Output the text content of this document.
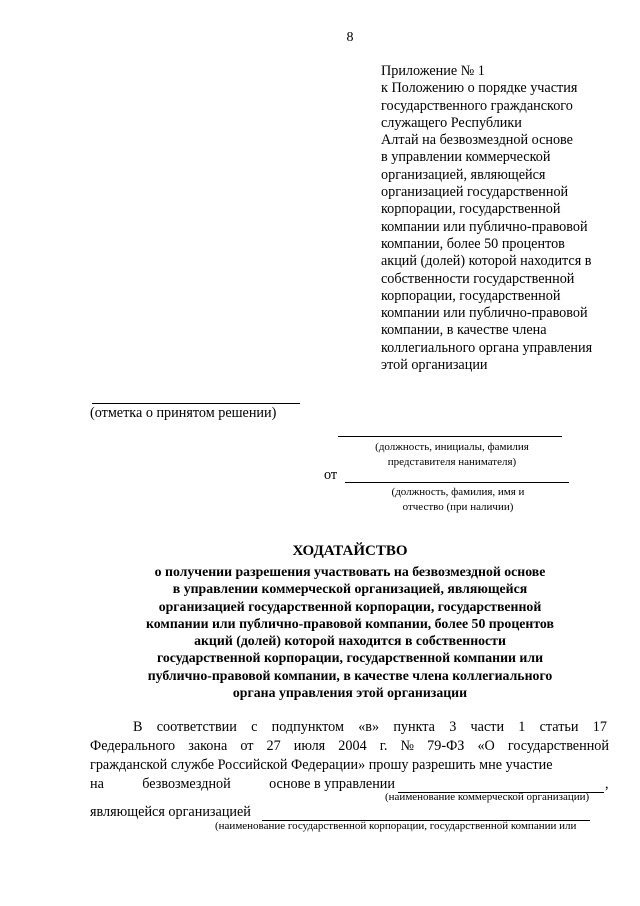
8
Приложение № 1
к Положению о порядке участия
государственного гражданского
служащего Республики
Алтай на безвозмездной основе
в управлении коммерческой
организацией, являющейся
организацией государственной
корпорации, государственной
компании или публично-правовой
компании, более 50 процентов
акций (долей) которой находится в
собственности государственной
корпорации, государственной
компании или публично-правовой
компании, в качестве члена
коллегиального органа управления
этой организации
(отметка о принятом решении)
(должность, инициалы, фамилия
представителя нанимателя)
от
(должность, фамилия, имя и
отчество (при наличии)
ХОДАТАЙСТВО
о получении разрешения участвовать на безвозмездной основе
в управлении коммерческой организацией, являющейся
организацией государственной корпорации, государственной
компании или публично-правовой компании, более 50 процентов
акций (долей) которой находится в собственности
государственной корпорации, государственной компании или
публично-правовой компании, в качестве члена коллегиального
органа управления этой организации
В соответствии с подпунктом «в» пункта 3 части 1 статьи 17
Федерального закона от 27 июля 2004 г. № 79-ФЗ «О государственной
гражданской службе Российской Федерации» прошу разрешить мне участие
на	безвозмездной	основе в управлении	,
(наименование коммерческой организации)
являющейся организацией
(наименование государственной корпорации, государственной компании или
